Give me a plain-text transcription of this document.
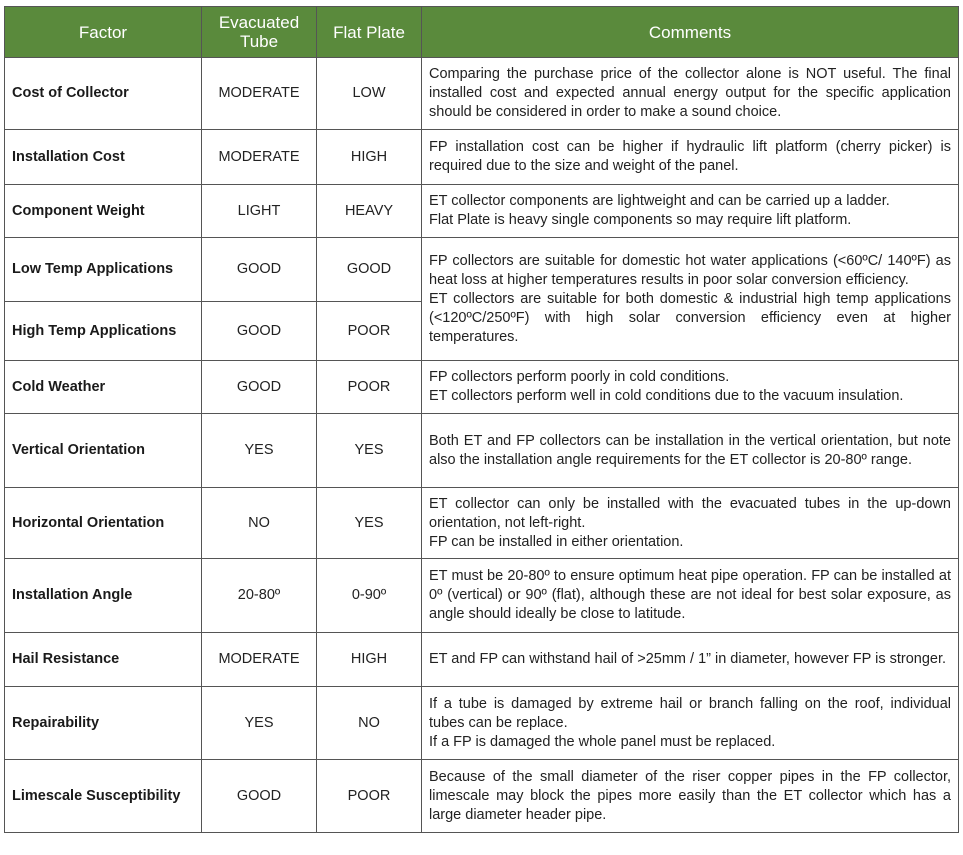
Factor	Evacuated Tube	Flat Plate	Comments
Cost of Collector	MODERATE	LOW	Comparing the purchase price of the collector alone is NOT useful. The final installed cost and expected annual energy output for the specific application should be considered in order to make a sound choice.

Installation Cost	MODERATE	HIGH	FP installation cost can be higher if hydraulic lift platform (cherry picker) is required due to the size and weight of the panel.

Component Weight	LIGHT	HEAVY	ET collector components are lightweight and can be carried up a ladder.
Flat Plate is heavy single components so may require lift platform.

Low Temp Applications	GOOD	GOOD	FP collectors are suitable for domestic hot water applications (<60ºC/ 140ºF) as heat loss at higher temperatures results in poor solar conversion efficiency.
ET collectors are suitable for both domestic & industrial high temp applications (<120ºC/250ºF) with high solar conversion efficiency even at higher temperatures.

High Temp Applications	GOOD	POOR	
Cold Weather	GOOD	POOR	FP collectors perform poorly in cold conditions.
ET collectors perform well in cold conditions due to the vacuum insulation.

Vertical Orientation	YES	YES	Both ET and FP collectors can be installation in the vertical orientation, but note also the installation angle requirements for the ET collector is 20-80º range.

Horizontal Orientation	NO	YES	ET collector can only be installed with the evacuated tubes in the up-down orientation, not left-right.
FP can be installed in either orientation.

Installation Angle	20-80º	0-90º	ET must be 20-80º to ensure optimum heat pipe operation. FP can be installed at 0º (vertical) or 90º (flat), although these are not ideal for best solar exposure, as angle should ideally be close to latitude.

Hail Resistance	MODERATE	HIGH	ET and FP can withstand hail of >25mm / 1” in diameter, however FP is stronger.

Repairability	YES	NO	If a tube is damaged by extreme hail or branch falling on the roof, individual tubes can be replace.
If a FP is damaged the whole panel must be replaced.

Limescale Susceptibility	GOOD	POOR	Because of the small diameter of the riser copper pipes in the FP collector, limescale may block the pipes more easily than the ET collector which has a large diameter header pipe.
